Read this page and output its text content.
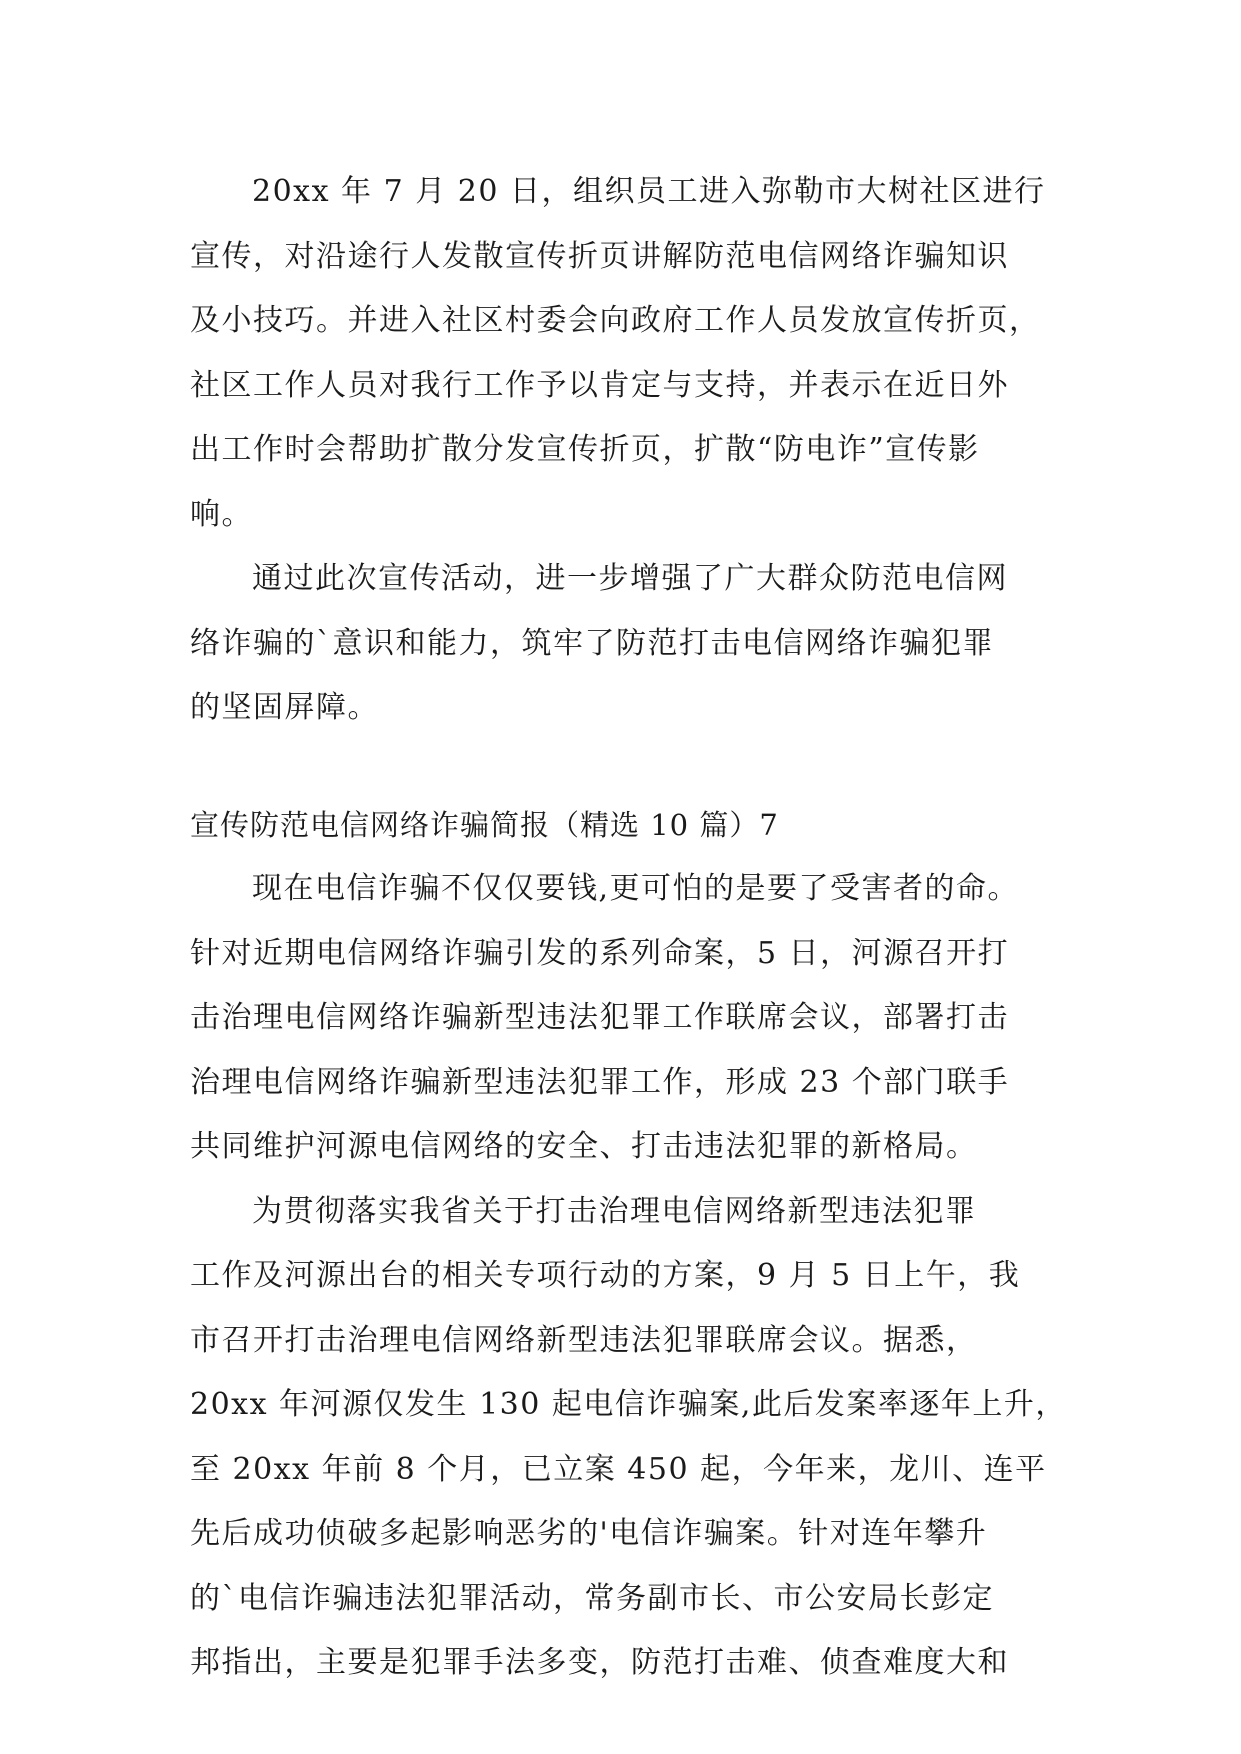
20xx 年 7 月 20 日，组织员工进入弥勒市大树社区进行
宣传，对沿途行人发散宣传折页讲解防范电信网络诈骗知识
及小技巧。并进入社区村委会向政府工作人员发放宣传折页，
社区工作人员对我行工作予以肯定与支持，并表示在近日外
出工作时会帮助扩散分发宣传折页，扩散“防电诈”宣传影
响。
通过此次宣传活动，进一步增强了广大群众防范电信网
络诈骗的`意识和能力，筑牢了防范打击电信网络诈骗犯罪
的坚固屏障。
宣传防范电信网络诈骗简报（精选 10 篇）7
现在电信诈骗不仅仅要钱,更可怕的是要了受害者的命。
针对近期电信网络诈骗引发的系列命案，5 日，河源召开打
击治理电信网络诈骗新型违法犯罪工作联席会议，部署打击
治理电信网络诈骗新型违法犯罪工作，形成 23 个部门联手
共同维护河源电信网络的安全、打击违法犯罪的新格局。
为贯彻落实我省关于打击治理电信网络新型违法犯罪
工作及河源出台的相关专项行动的方案，9 月 5 日上午，我
市召开打击治理电信网络新型违法犯罪联席会议。据悉，
20xx 年河源仅发生 130 起电信诈骗案,此后发案率逐年上升，
至 20xx 年前 8 个月，已立案 450 起，今年来，龙川、连平
先后成功侦破多起影响恶劣的'电信诈骗案。针对连年攀升
的`电信诈骗违法犯罪活动，常务副市长、市公安局长彭定
邦指出，主要是犯罪手法多变，防范打击难、侦查难度大和
